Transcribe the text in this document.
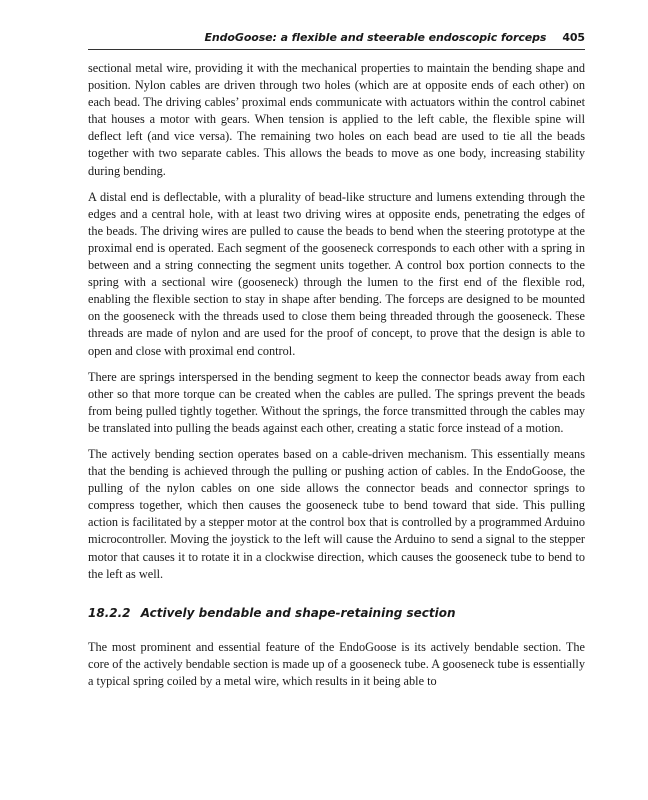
EndoGoose: a flexible and steerable endoscopic forceps 405

sectional metal wire, providing it with the mechanical properties to maintain the bending shape and position. Nylon cables are driven through two holes (which are at opposite ends of each other) on each bead. The driving cables’ proximal ends communicate with actuators within the control cabinet that houses a motor with gears. When tension is applied to the left cable, the flexible spine will deflect left (and vice versa). The remaining two holes on each bead are used to tie all the beads together with two separate cables. This allows the beads to move as one body, increasing stability during bending.

A distal end is deflectable, with a plurality of bead-like structure and lumens extending through the edges and a central hole, with at least two driving wires at opposite ends, penetrating the edges of the beads. The driving wires are pulled to cause the beads to bend when the steering prototype at the proximal end is operated. Each segment of the gooseneck corresponds to each other with a spring in between and a string connecting the segment units together. A control box portion connects to the spring with a sectional wire (gooseneck) through the lumen to the first end of the flexible rod, enabling the flexible section to stay in shape after bending. The forceps are designed to be mounted on the gooseneck with the threads used to close them being threaded through the gooseneck. These threads are made of nylon and are used for the proof of concept, to prove that the design is able to open and close with proximal end control.

There are springs interspersed in the bending segment to keep the connector beads away from each other so that more torque can be created when the cables are pulled. The springs prevent the beads from being pulled tightly together. Without the springs, the force transmitted through the cables may be translated into pulling the beads against each other, creating a static force instead of a motion.

The actively bending section operates based on a cable-driven mechanism. This essentially means that the bending is achieved through the pulling or pushing action of cables. In the EndoGoose, the pulling of the nylon cables on one side allows the connector beads and connector springs to compress together, which then causes the gooseneck tube to bend toward that side. This pulling action is facilitated by a stepper motor at the control box that is controlled by a programmed Arduino microcontroller. Moving the joystick to the left will cause the Arduino to send a signal to the stepper motor that causes it to rotate it in a clockwise direction, which causes the gooseneck tube to bend to the left as well.

18.2.2 Actively bendable and shape-retaining section

The most prominent and essential feature of the EndoGoose is its actively bendable section. The core of the actively bendable section is made up of a gooseneck tube. A gooseneck tube is essentially a typical spring coiled by a metal wire, which results in it being able to
